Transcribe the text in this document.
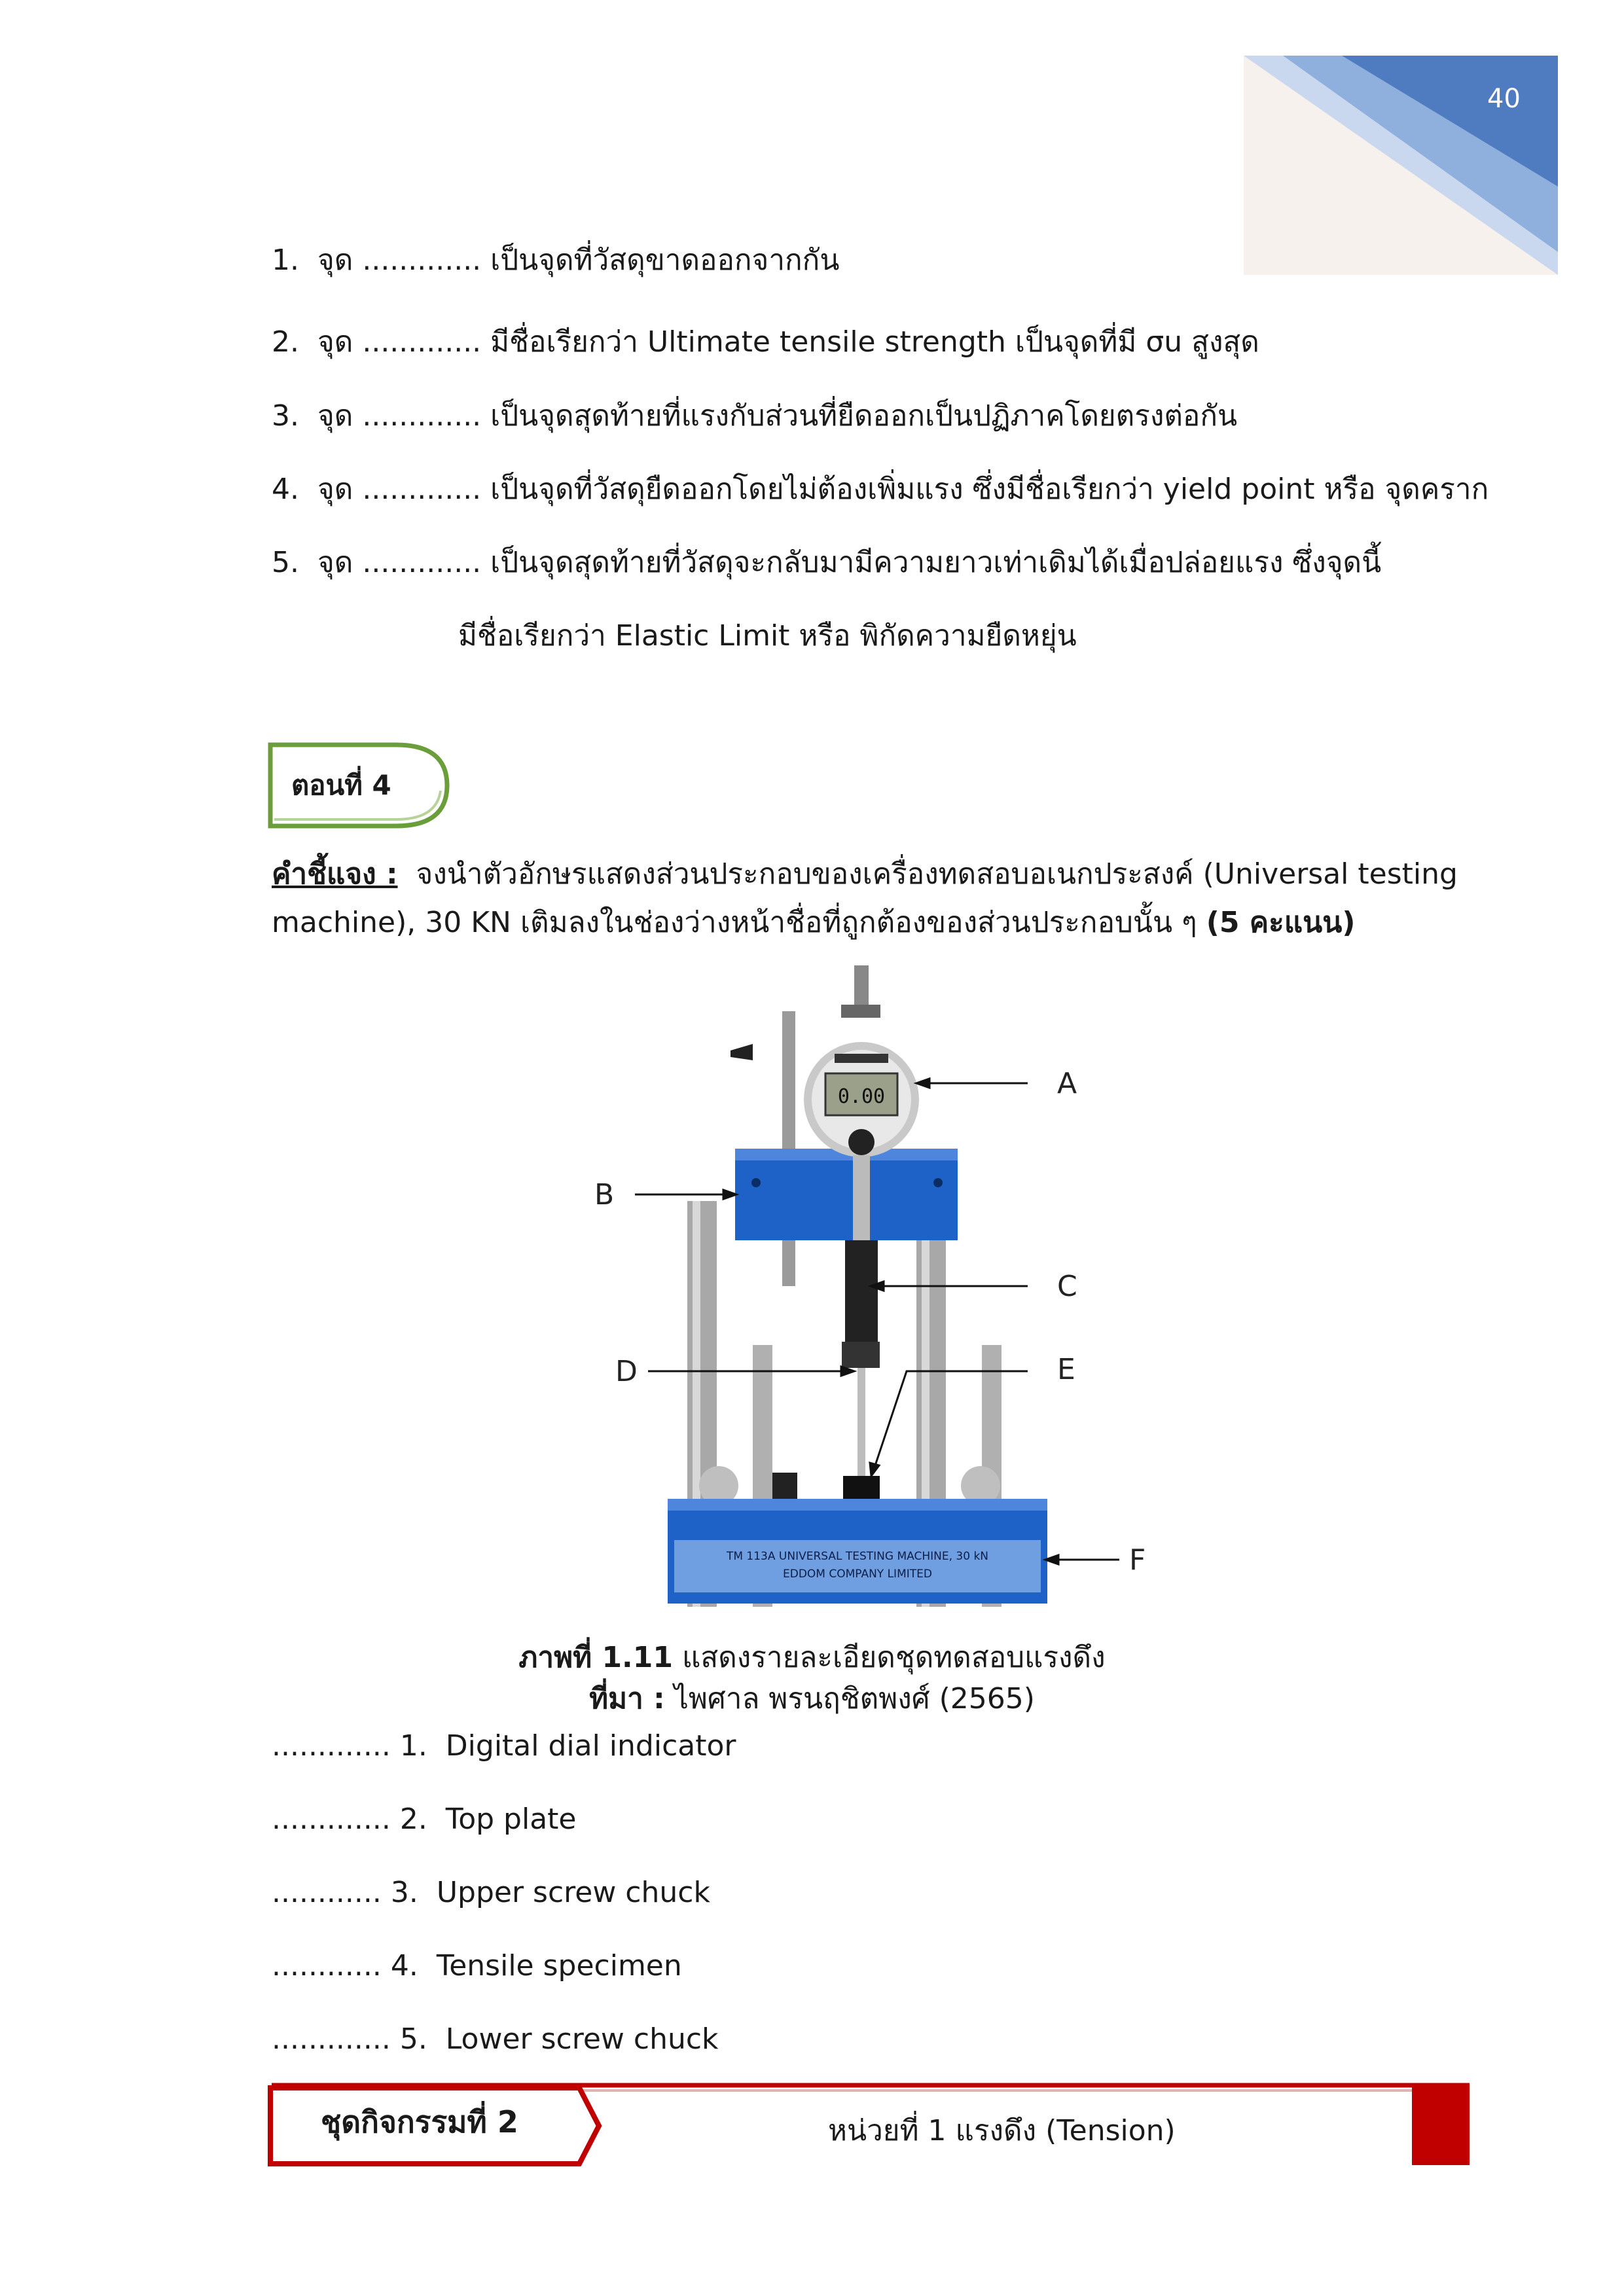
40
1. จุด ............. เป็นจุดที่วัสดุขาดออกจากกัน
2. จุด ............. มีชื่อเรียกว่า Ultimate tensile strength เป็นจุดที่มี σu สูงสุด
3. จุด ............. เป็นจุดสุดท้ายที่แรงกับส่วนที่ยืดออกเป็นปฏิภาคโดยตรงต่อกัน
4. จุด ............. เป็นจุดที่วัสดุยืดออกโดยไม่ต้องเพิ่มแรง ซึ่งมีชื่อเรียกว่า yield point หรือ จุดคราก
5. จุด ............. เป็นจุดสุดท้ายที่วัสดุจะกลับมามีความยาวเท่าเดิมได้เมื่อปล่อยแรง ซึ่งจุดนี้
มีชื่อเรียกว่า Elastic Limit หรือ พิกัดความยืดหยุ่น
ตอนที่ 4
คำชี้แจง : จงนำตัวอักษรแสดงส่วนประกอบของเครื่องทดสอบอเนกประสงค์ (Universal testing
machine), 30 KN เติมลงในช่องว่างหน้าชื่อที่ถูกต้องของส่วนประกอบนั้น ๆ (5 คะแนน)
0.00
TM 113A UNIVERSAL TESTING MACHINE, 30 kN
EDDOM COMPANY LIMITED
A
B
C
D	E
F
ภาพที่ 1.11 แสดงรายละเอียดชุดทดสอบแรงดึง
ที่มา : ไพศาล พรนฤชิตพงศ์ (2565)
............. 1. Digital dial indicator
............. 2. Top plate
............ 3. Upper screw chuck
............ 4. Tensile specimen
............. 5. Lower screw chuck
ชุดกิจกรรมที่ 2	หน่วยที่ 1 แรงดึง (Tension)
